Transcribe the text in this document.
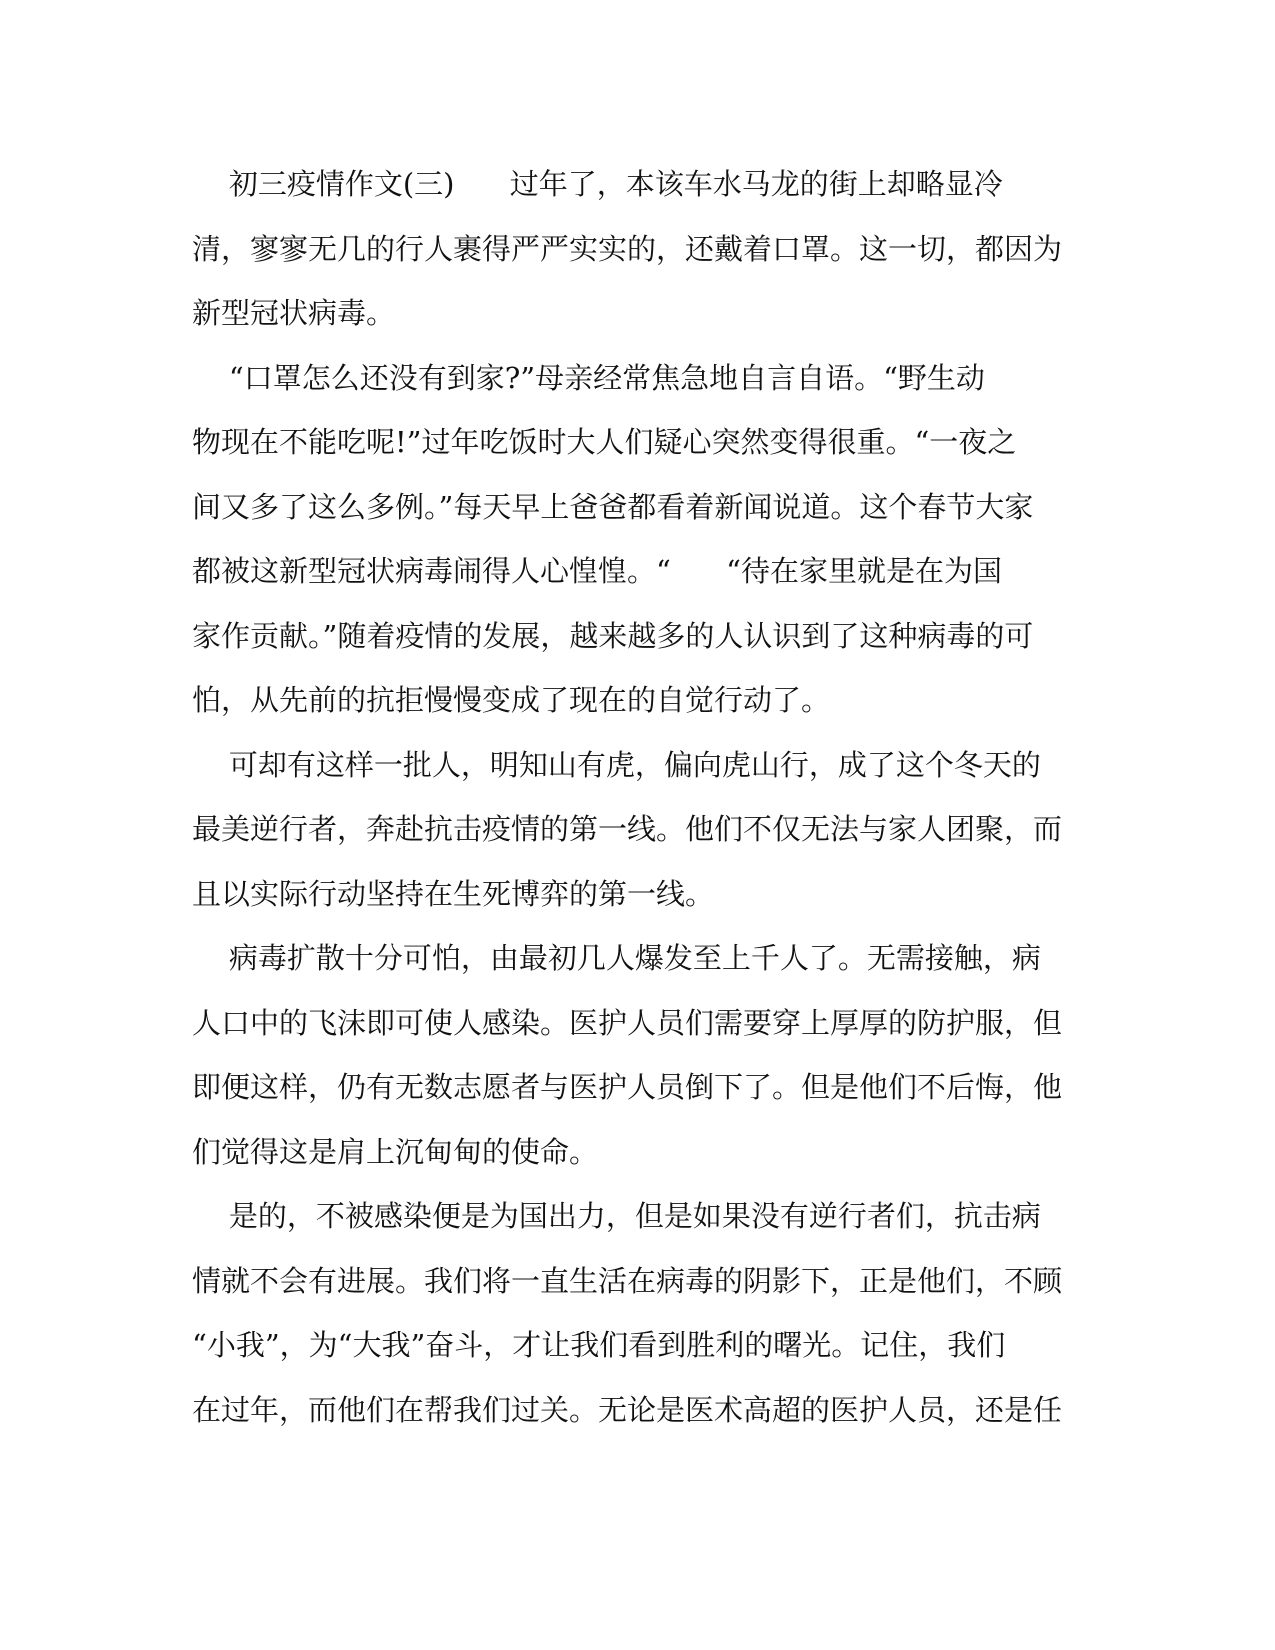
初三疫情作文(三)      过年了，本该车水马龙的街上却略显冷
清，寥寥无几的行人裹得严严实实的，还戴着口罩。这一切，都因为
新型冠状病毒。
“口罩怎么还没有到家?”母亲经常焦急地自言自语。“野生动
物现在不能吃呢!”过年吃饭时大人们疑心突然变得很重。“一夜之
间又多了这么多例。”每天早上爸爸都看着新闻说道。这个春节大家
都被这新型冠状病毒闹得人心惶惶。“      “待在家里就是在为国
家作贡献。”随着疫情的发展，越来越多的人认识到了这种病毒的可
怕，从先前的抗拒慢慢变成了现在的自觉行动了。
可却有这样一批人，明知山有虎，偏向虎山行，成了这个冬天的
最美逆行者，奔赴抗击疫情的第一线。他们不仅无法与家人团聚，而
且以实际行动坚持在生死博弈的第一线。
病毒扩散十分可怕，由最初几人爆发至上千人了。无需接触，病
人口中的飞沫即可使人感染。医护人员们需要穿上厚厚的防护服，但
即便这样，仍有无数志愿者与医护人员倒下了。但是他们不后悔，他
们觉得这是肩上沉甸甸的使命。
是的，不被感染便是为国出力，但是如果没有逆行者们，抗击病
情就不会有进展。我们将一直生活在病毒的阴影下，正是他们，不顾
“小我”，为“大我”奋斗，才让我们看到胜利的曙光。记住，我们
在过年，而他们在帮我们过关。无论是医术高超的医护人员，还是任
